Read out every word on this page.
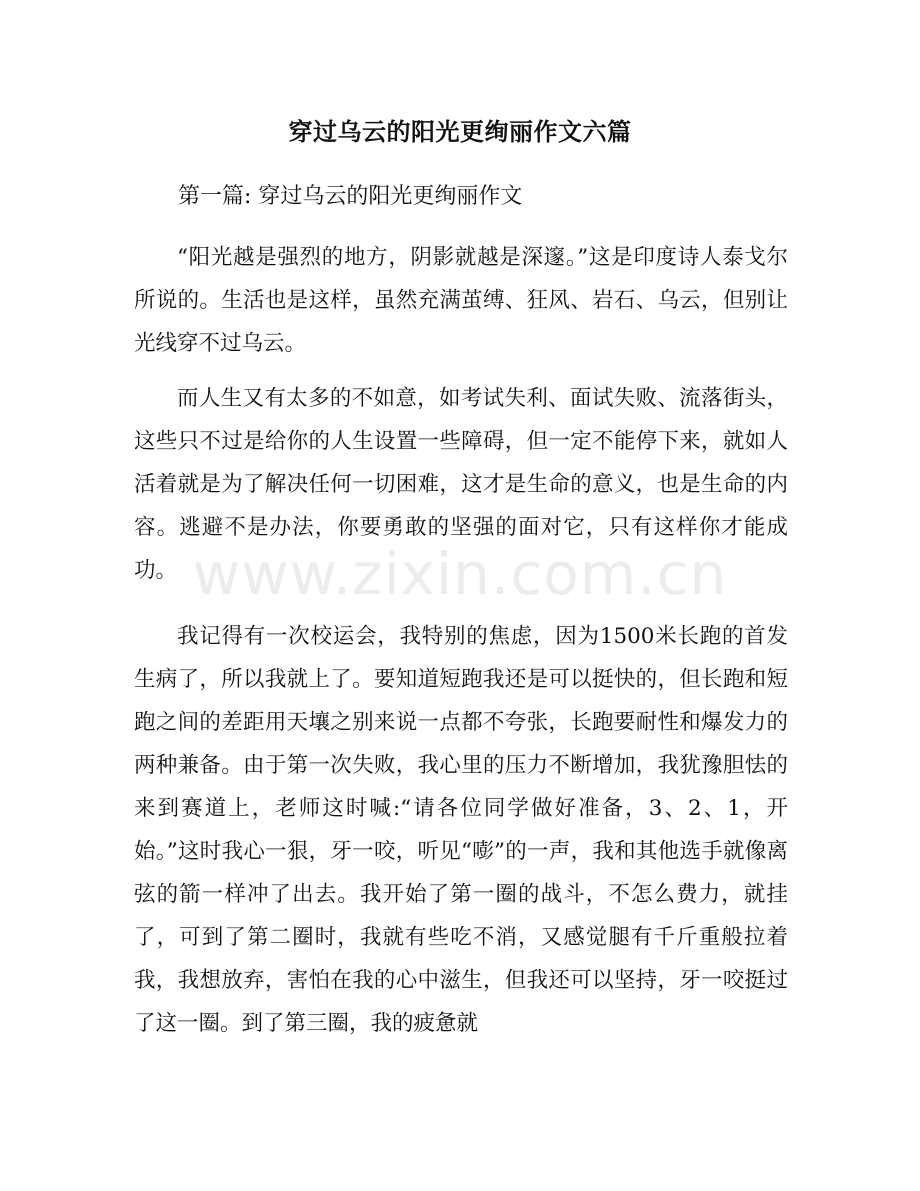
穿过乌云的阳光更绚丽作文六篇
第一篇: 穿过乌云的阳光更绚丽作文

“阳光越是强烈的地方，阴影就越是深邃。”这是印度诗人泰戈尔所说的。生活也是这样，虽然充满茧缚、狂风、岩石、乌云，但别让光线穿不过乌云。

而人生又有太多的不如意，如考试失利、面试失败、流落街头，这些只不过是给你的人生设置一些障碍，但一定不能停下来，就如人活着就是为了解决任何一切困难，这才是生命的意义，也是生命的内容。逃避不是办法，你要勇敢的坚强的面对它，只有这样你才能成功。

我记得有一次校运会，我特别的焦虑，因为1500米长跑的首发生病了，所以我就上了。要知道短跑我还是可以挺快的，但长跑和短跑之间的差距用天壤之别来说一点都不夸张，长跑要耐性和爆发力的两种兼备。由于第一次失败，我心里的压力不断增加，我犹豫胆怯的来到赛道上，老师这时喊:“请各位同学做好准备，3、2、1，开始。”这时我心一狠，牙一咬，听见“嘭”的一声，我和其他选手就像离弦的箭一样冲了出去。我开始了第一圈的战斗，不怎么费力，就挂了，可到了第二圈时，我就有些吃不消，又感觉腿有千斤重般拉着我，我想放弃，害怕在我的心中滋生，但我还可以坚持，牙一咬挺过了这一圈。到了第三圈，我的疲惫就

www.zixin.com.cn
